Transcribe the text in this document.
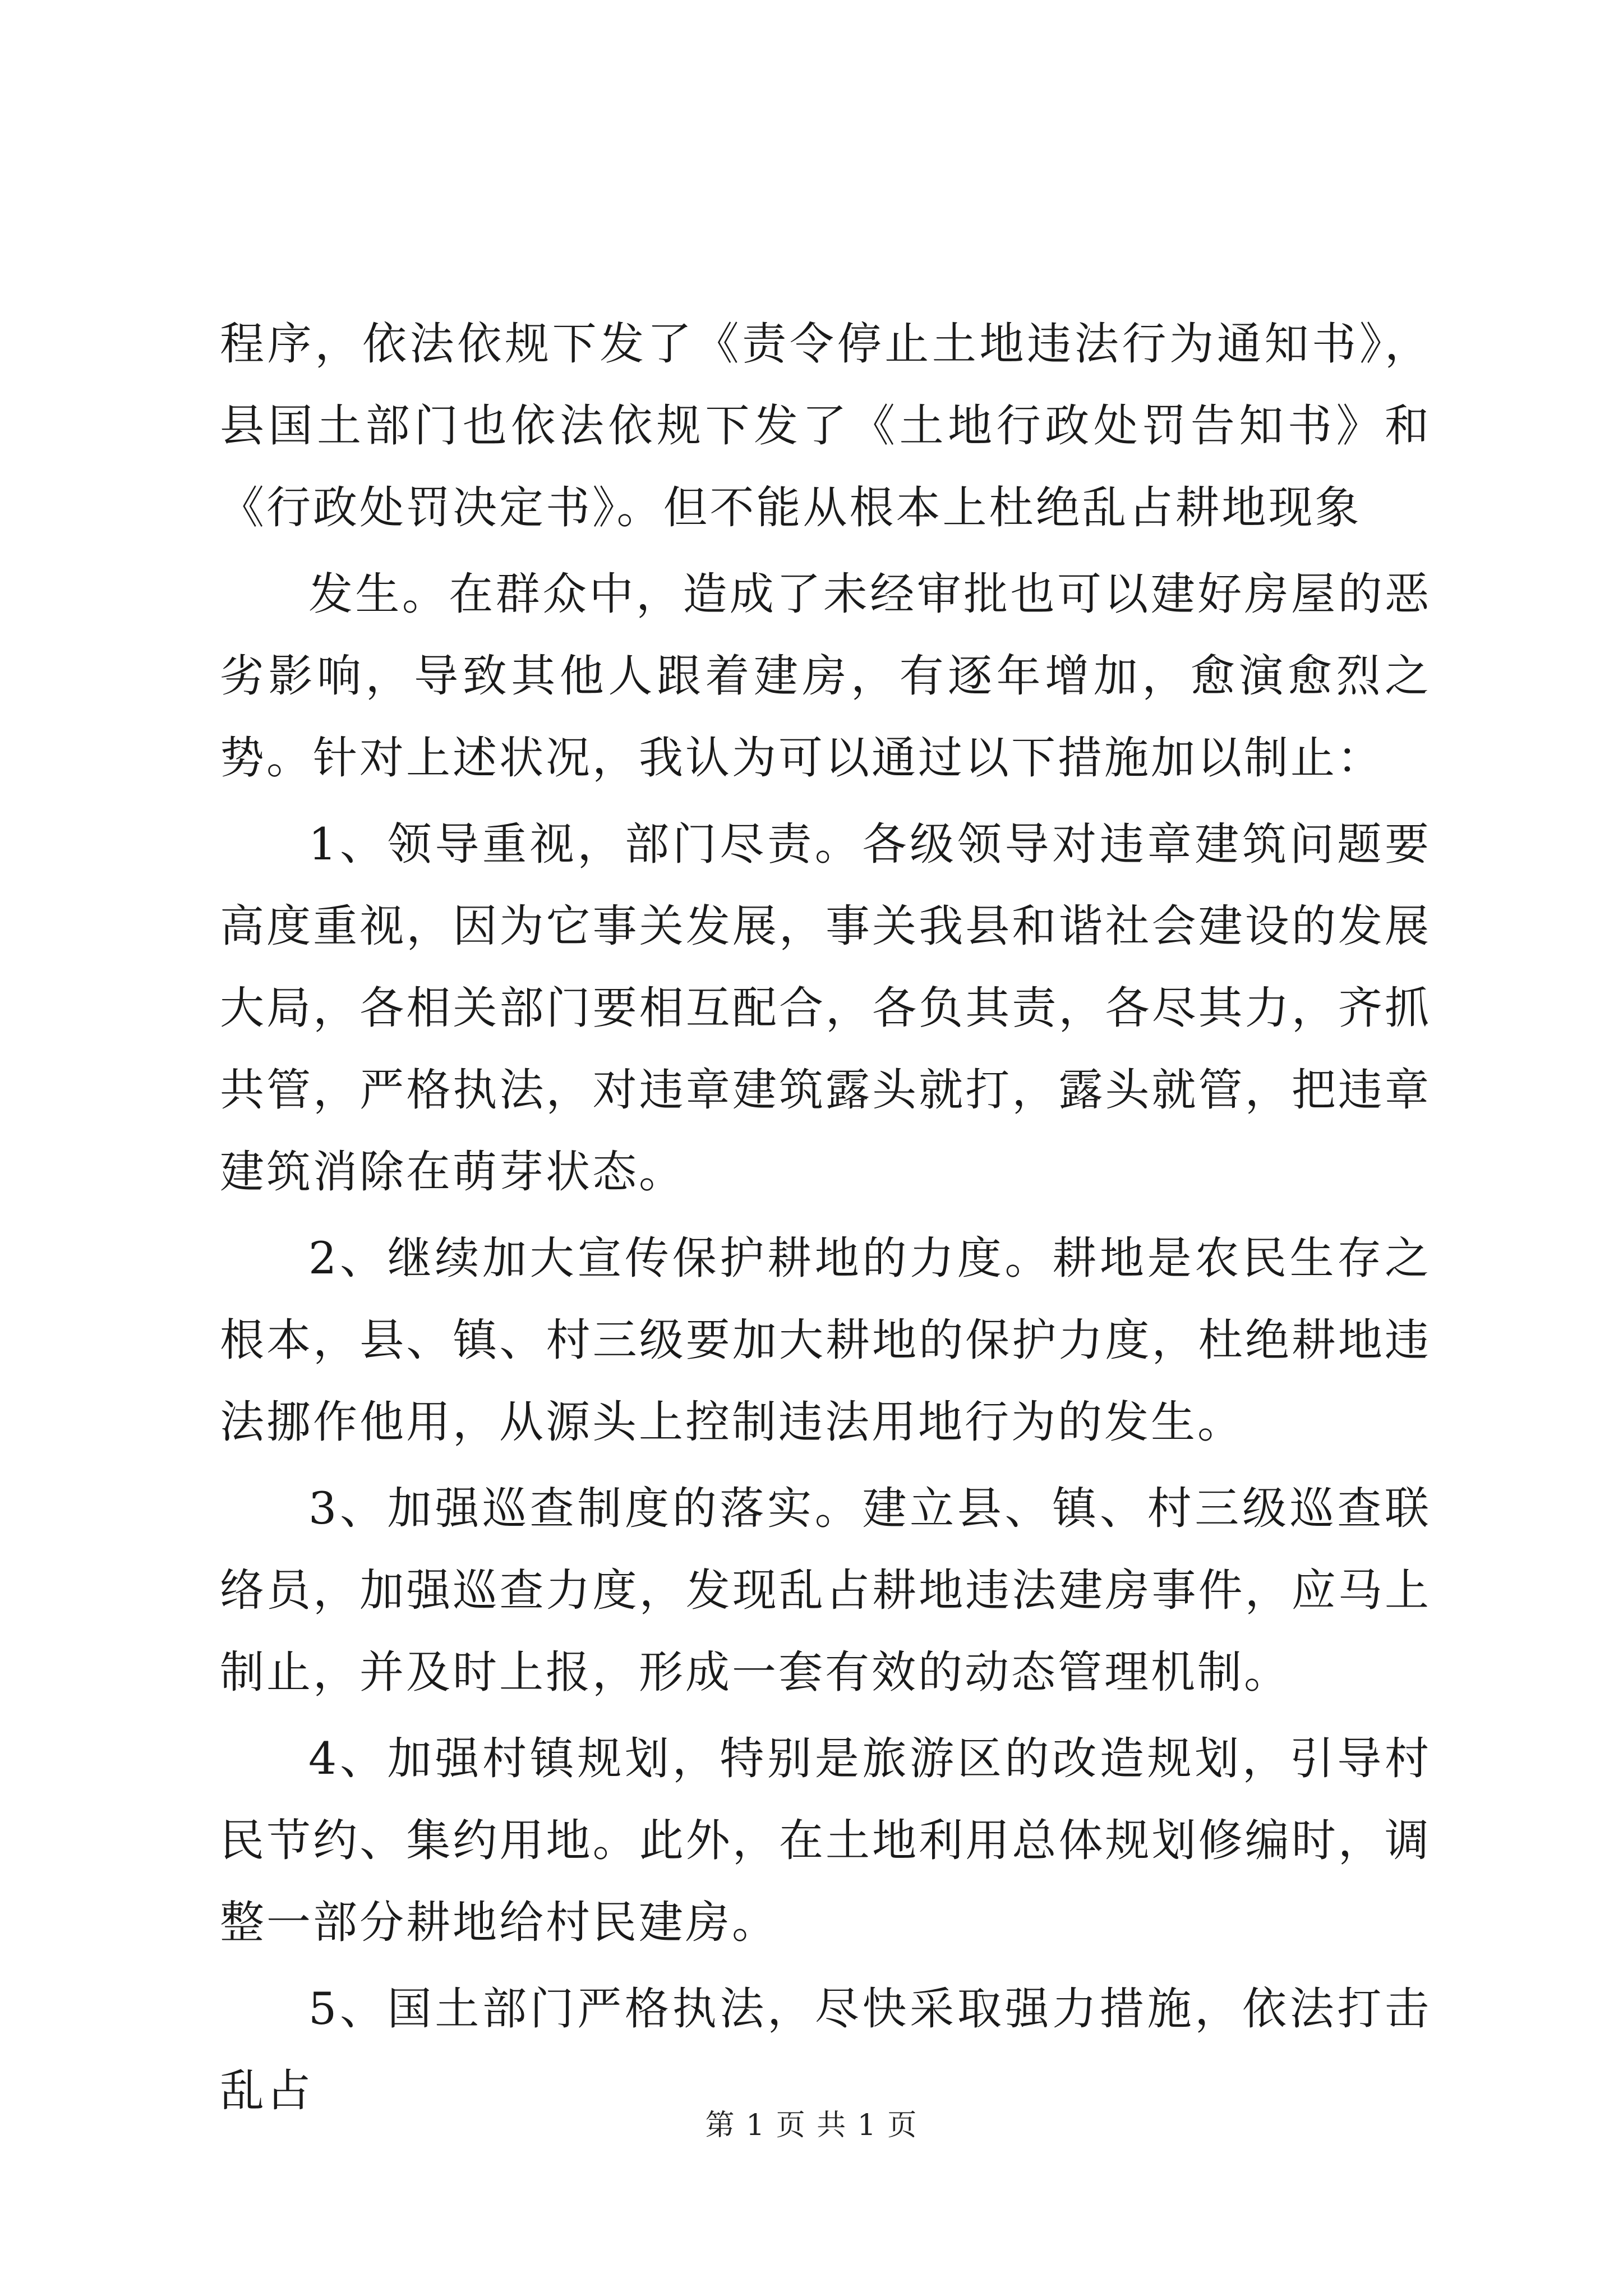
程序，依法依规下发了《责令停止土地违法行为通知书》，县国土部门也依法依规下发了《土地行政处罚告知书》和《行政处罚决定书》。但不能从根本上杜绝乱占耕地现象

发生。在群众中，造成了未经审批也可以建好房屋的恶劣影响，导致其他人跟着建房，有逐年增加，愈演愈烈之势。针对上述状况，我认为可以通过以下措施加以制止：

1、领导重视，部门尽责。各级领导对违章建筑问题要高度重视，因为它事关发展，事关我县和谐社会建设的发展大局，各相关部门要相互配合，各负其责，各尽其力，齐抓共管，严格执法，对违章建筑露头就打，露头就管，把违章建筑消除在萌芽状态。

2、继续加大宣传保护耕地的力度。耕地是农民生存之根本，县、镇、村三级要加大耕地的保护力度，杜绝耕地违法挪作他用，从源头上控制违法用地行为的发生。

3、加强巡查制度的落实。建立县、镇、村三级巡查联络员，加强巡查力度，发现乱占耕地违法建房事件，应马上制止，并及时上报，形成一套有效的动态管理机制。

4、加强村镇规划，特别是旅游区的改造规划，引导村民节约、集约用地。此外，在土地利用总体规划修编时，调整一部分耕地给村民建房。

5、国土部门严格执法，尽快采取强力措施，依法打击乱占

第 1 页 共 1 页
